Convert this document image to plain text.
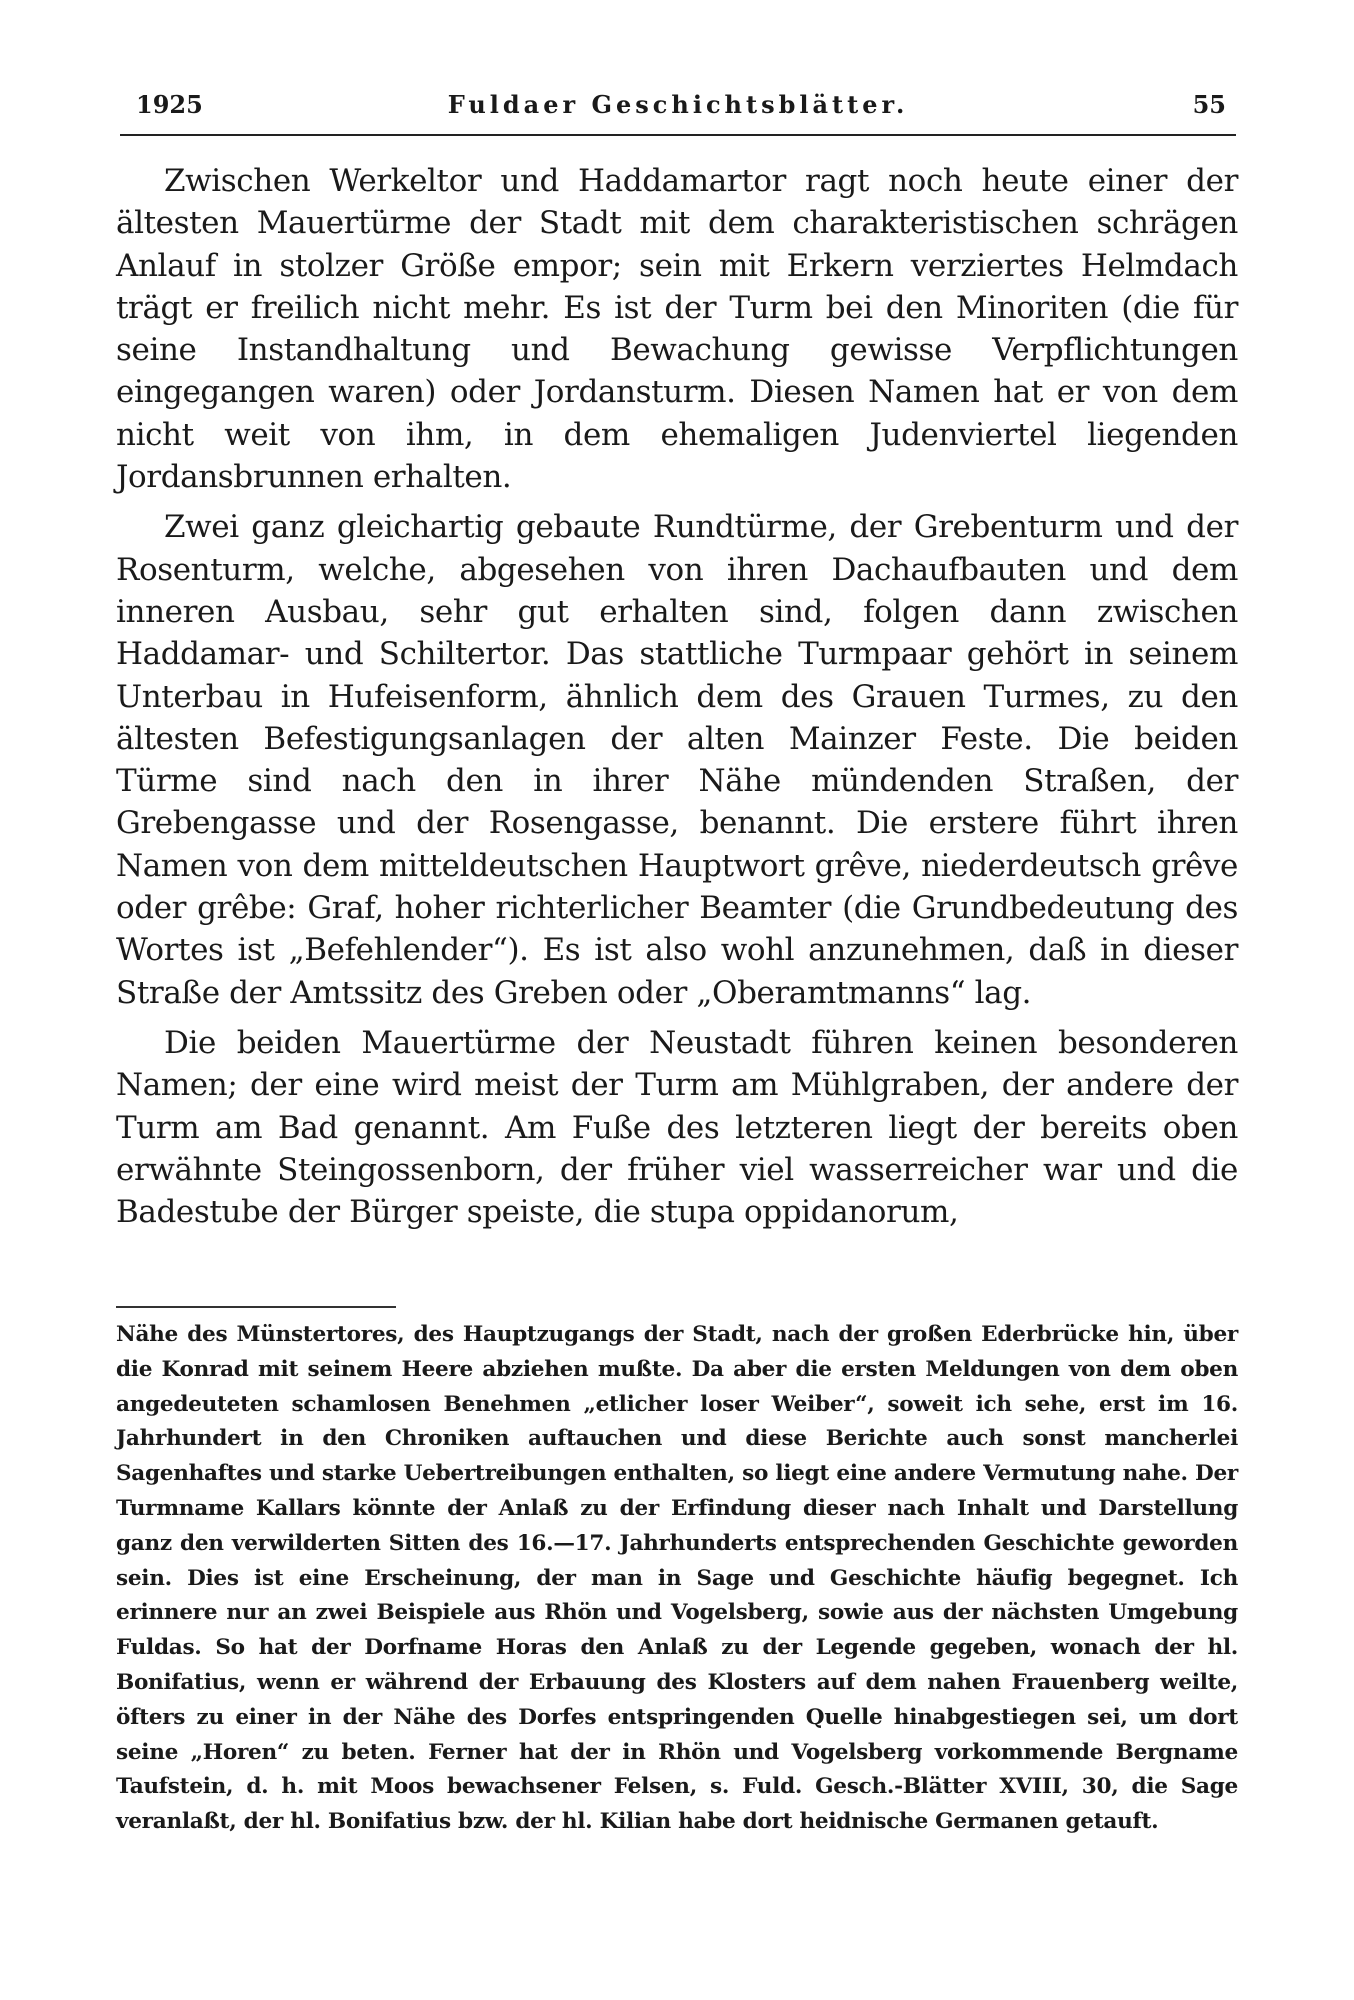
1925	Fuldaer Geschichtsblätter.	55

Zwischen Werkeltor und Haddamartor ragt noch heute einer der ältesten Mauertürme der Stadt mit dem charakteristischen schrägen Anlauf in stolzer Größe empor; sein mit Erkern verziertes Helmdach trägt er freilich nicht mehr. Es ist der Turm bei den Minoriten (die für seine Instandhaltung und Bewachung gewisse Verpflichtungen eingegangen waren) oder Jordansturm. Diesen Namen hat er von dem nicht weit von ihm, in dem ehemaligen Judenviertel liegenden Jordansbrunnen erhalten.

Zwei ganz gleichartig gebaute Rundtürme, der Grebenturm und der Rosenturm, welche, abgesehen von ihren Dachaufbauten und dem inneren Ausbau, sehr gut erhalten sind, folgen dann zwischen Haddamar- und Schiltertor. Das stattliche Turmpaar gehört in seinem Unterbau in Hufeisenform, ähnlich dem des Grauen Turmes, zu den ältesten Befestigungsanlagen der alten Mainzer Feste. Die beiden Türme sind nach den in ihrer Nähe mündenden Straßen, der Grebengasse und der Rosengasse, benannt. Die erstere führt ihren Namen von dem mitteldeutschen Hauptwort grêve, niederdeutsch grêve oder grêbe: Graf, hoher richterlicher Beamter (die Grundbedeutung des Wortes ist „Befehlender“). Es ist also wohl anzunehmen, daß in dieser Straße der Amtssitz des Greben oder „Oberamtmanns“ lag.

Die beiden Mauertürme der Neustadt führen keinen besonderen Namen; der eine wird meist der Turm am Mühlgraben, der andere der Turm am Bad genannt. Am Fuße des letzteren liegt der bereits oben erwähnte Steingossenborn, der früher viel wasserreicher war und die Badestube der Bürger speiste, die stupa oppidanorum,

Nähe des Münstertores, des Hauptzugangs der Stadt, nach der großen Ederbrücke hin, über die Konrad mit seinem Heere abziehen mußte. Da aber die ersten Meldungen von dem oben angedeuteten schamlosen Benehmen „etlicher loser Weiber“, soweit ich sehe, erst im 16. Jahrhundert in den Chroniken auftauchen und diese Berichte auch sonst mancherlei Sagenhaftes und starke Uebertreibungen enthalten, so liegt eine andere Vermutung nahe. Der Turmname Kallars könnte der Anlaß zu der Erfindung dieser nach Inhalt und Darstellung ganz den verwilderten Sitten des 16.—17. Jahrhunderts entsprechenden Geschichte geworden sein. Dies ist eine Erscheinung, der man in Sage und Geschichte häufig begegnet. Ich erinnere nur an zwei Beispiele aus Rhön und Vogelsberg, sowie aus der nächsten Umgebung Fuldas. So hat der Dorfname Horas den Anlaß zu der Legende gegeben, wonach der hl. Bonifatius, wenn er während der Erbauung des Klosters auf dem nahen Frauenberg weilte, öfters zu einer in der Nähe des Dorfes entspringenden Quelle hinabgestiegen sei, um dort seine „Horen“ zu beten. Ferner hat der in Rhön und Vogelsberg vorkommende Bergname Taufstein, d. h. mit Moos bewachsener Felsen, s. Fuld. Gesch.-Blätter XVIII, 30, die Sage veranlaßt, der hl. Bonifatius bzw. der hl. Kilian habe dort heidnische Germanen getauft.
